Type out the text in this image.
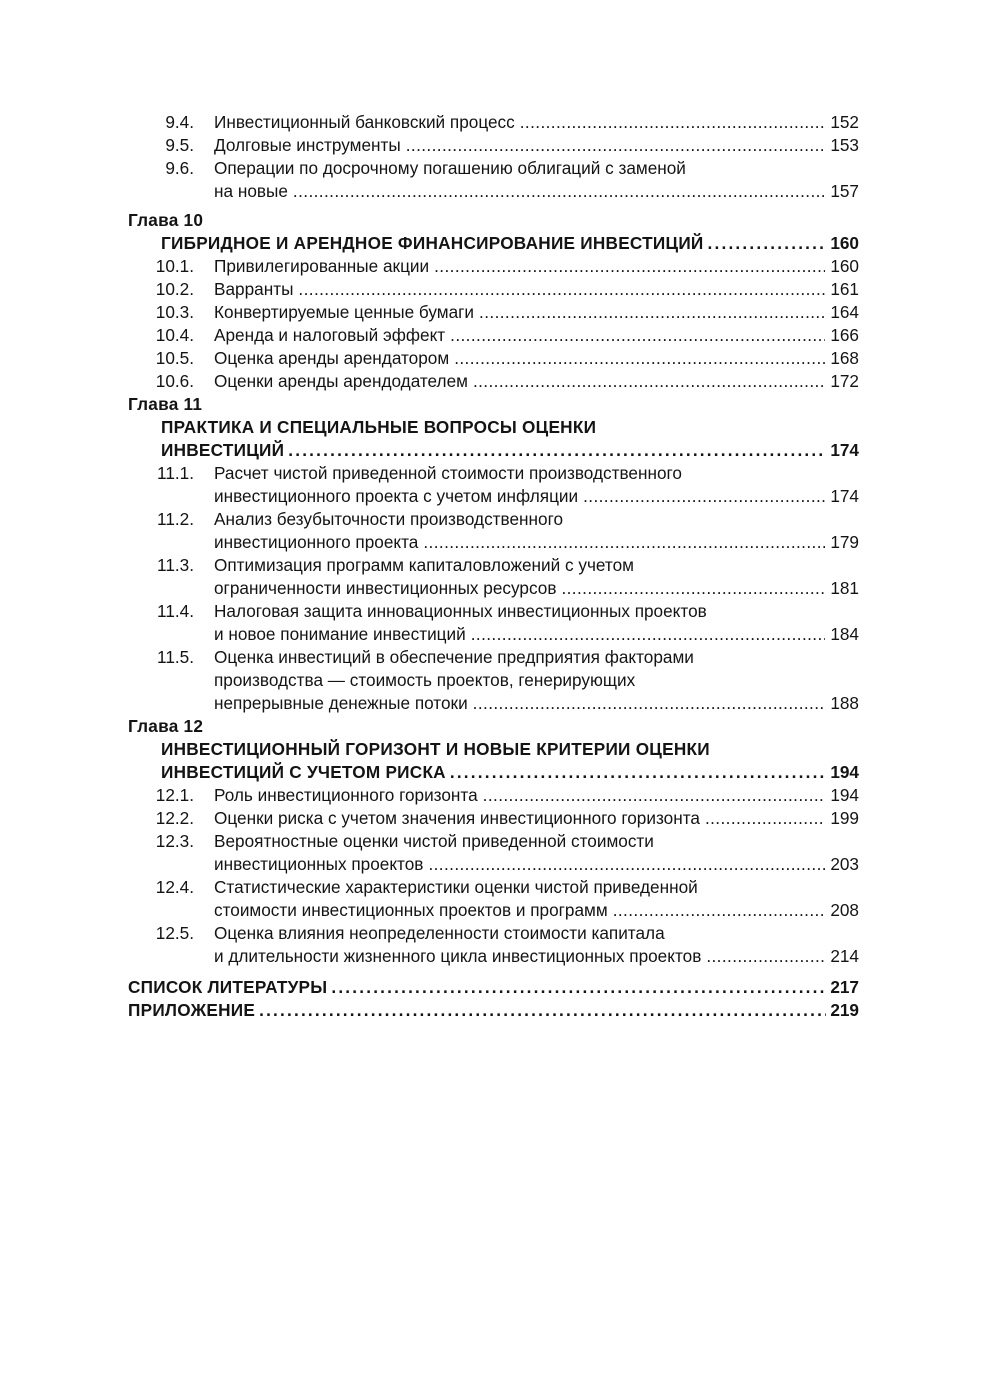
9.4. Инвестиционный банковский процесс .....	152
9.5. Долговые инструменты .....	153
9.6. Операции по досрочному погашению облигаций с заменой
на новые .....	157
Глава 10
ГИБРИДНОЕ И АРЕНДНОЕ ФИНАНСИРОВАНИЕ ИНВЕСТИЦИЙ .....	160
10.1. Привилегированные акции .....	160
10.2. Варранты .....	161
10.3. Конвертируемые ценные бумаги .....	164
10.4. Аренда и налоговый эффект .....	166
10.5. Оценка аренды арендатором .....	168
10.6. Оценки аренды арендодателем .....	172
Глава 11
ПРАКТИКА И СПЕЦИАЛЬНЫЕ ВОПРОСЫ ОЦЕНКИ
ИНВЕСТИЦИЙ .....	174
11.1. Расчет чистой приведенной стоимости производственного
инвестиционного проекта с учетом инфляции .....	174
11.2. Анализ безубыточности производственного
инвестиционного проекта .....	179
11.3. Оптимизация программ капиталовложений с учетом
ограниченности инвестиционных ресурсов .....	181
11.4. Налоговая защита инновационных инвестиционных проектов
и новое понимание инвестиций .....	184
11.5. Оценка инвестиций в обеспечение предприятия факторами
производства — стоимость проектов, генерирующих
непрерывные денежные потоки .....	188
Глава 12
ИНВЕСТИЦИОННЫЙ ГОРИЗОНТ И НОВЫЕ КРИТЕРИИ ОЦЕНКИ
ИНВЕСТИЦИЙ С УЧЕТОМ РИСКА .....	194
12.1. Роль инвестиционного горизонта .....	194
12.2. Оценки риска с учетом значения инвестиционного горизонта .....	199
12.3. Вероятностные оценки чистой приведенной стоимости
инвестиционных проектов .....	203
12.4. Статистические характеристики оценки чистой приведенной
стоимости инвестиционных проектов и программ .....	208
12.5. Оценка влияния неопределенности стоимости капитала
и длительности жизненного цикла инвестиционных проектов .....	214
СПИСОК ЛИТЕРАТУРЫ .....	217
ПРИЛОЖЕНИЕ .....	219
